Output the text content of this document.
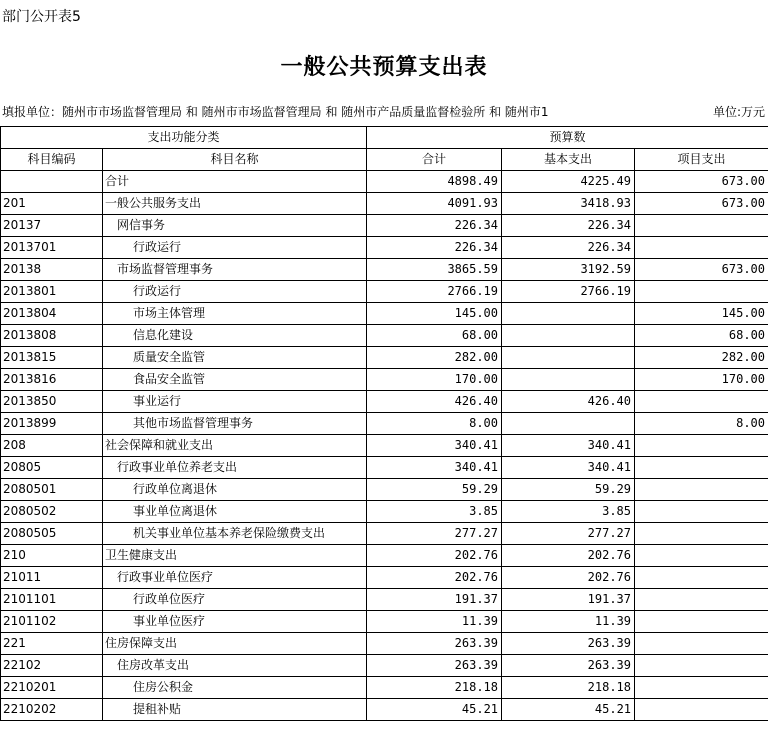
部门公开表5
一般公共预算支出表
填报单位：随州市市场监督管理局 和 随州市市场监督管理局 和 随州市产品质量监督检验所 和 随州市1	单位:万元
支出功能分类		预算数		
科目编码	科目名称	合计	基本支出	项目支出
	合计	4898.49	4225.49	673.00
201	一般公共服务支出	4091.93	3418.93	673.00
20137	网信事务	226.34	226.34	
2013701	行政运行	226.34	226.34	
20138	市场监督管理事务	3865.59	3192.59	673.00
2013801	行政运行	2766.19	2766.19	
2013804	市场主体管理	145.00		145.00
2013808	信息化建设	68.00		68.00
2013815	质量安全监管	282.00		282.00
2013816	食品安全监管	170.00		170.00
2013850	事业运行	426.40	426.40	
2013899	其他市场监督管理事务	8.00		8.00
208	社会保障和就业支出	340.41	340.41	
20805	行政事业单位养老支出	340.41	340.41	
2080501	行政单位离退休	59.29	59.29	
2080502	事业单位离退休	3.85	3.85	
2080505	机关事业单位基本养老保险缴费支出	277.27	277.27	
210	卫生健康支出	202.76	202.76	
21011	行政事业单位医疗	202.76	202.76	
2101101	行政单位医疗	191.37	191.37	
2101102	事业单位医疗	11.39	11.39	
221	住房保障支出	263.39	263.39	
22102	住房改革支出	263.39	263.39	
2210201	住房公积金	218.18	218.18	
2210202	提租补贴	45.21	45.21	
